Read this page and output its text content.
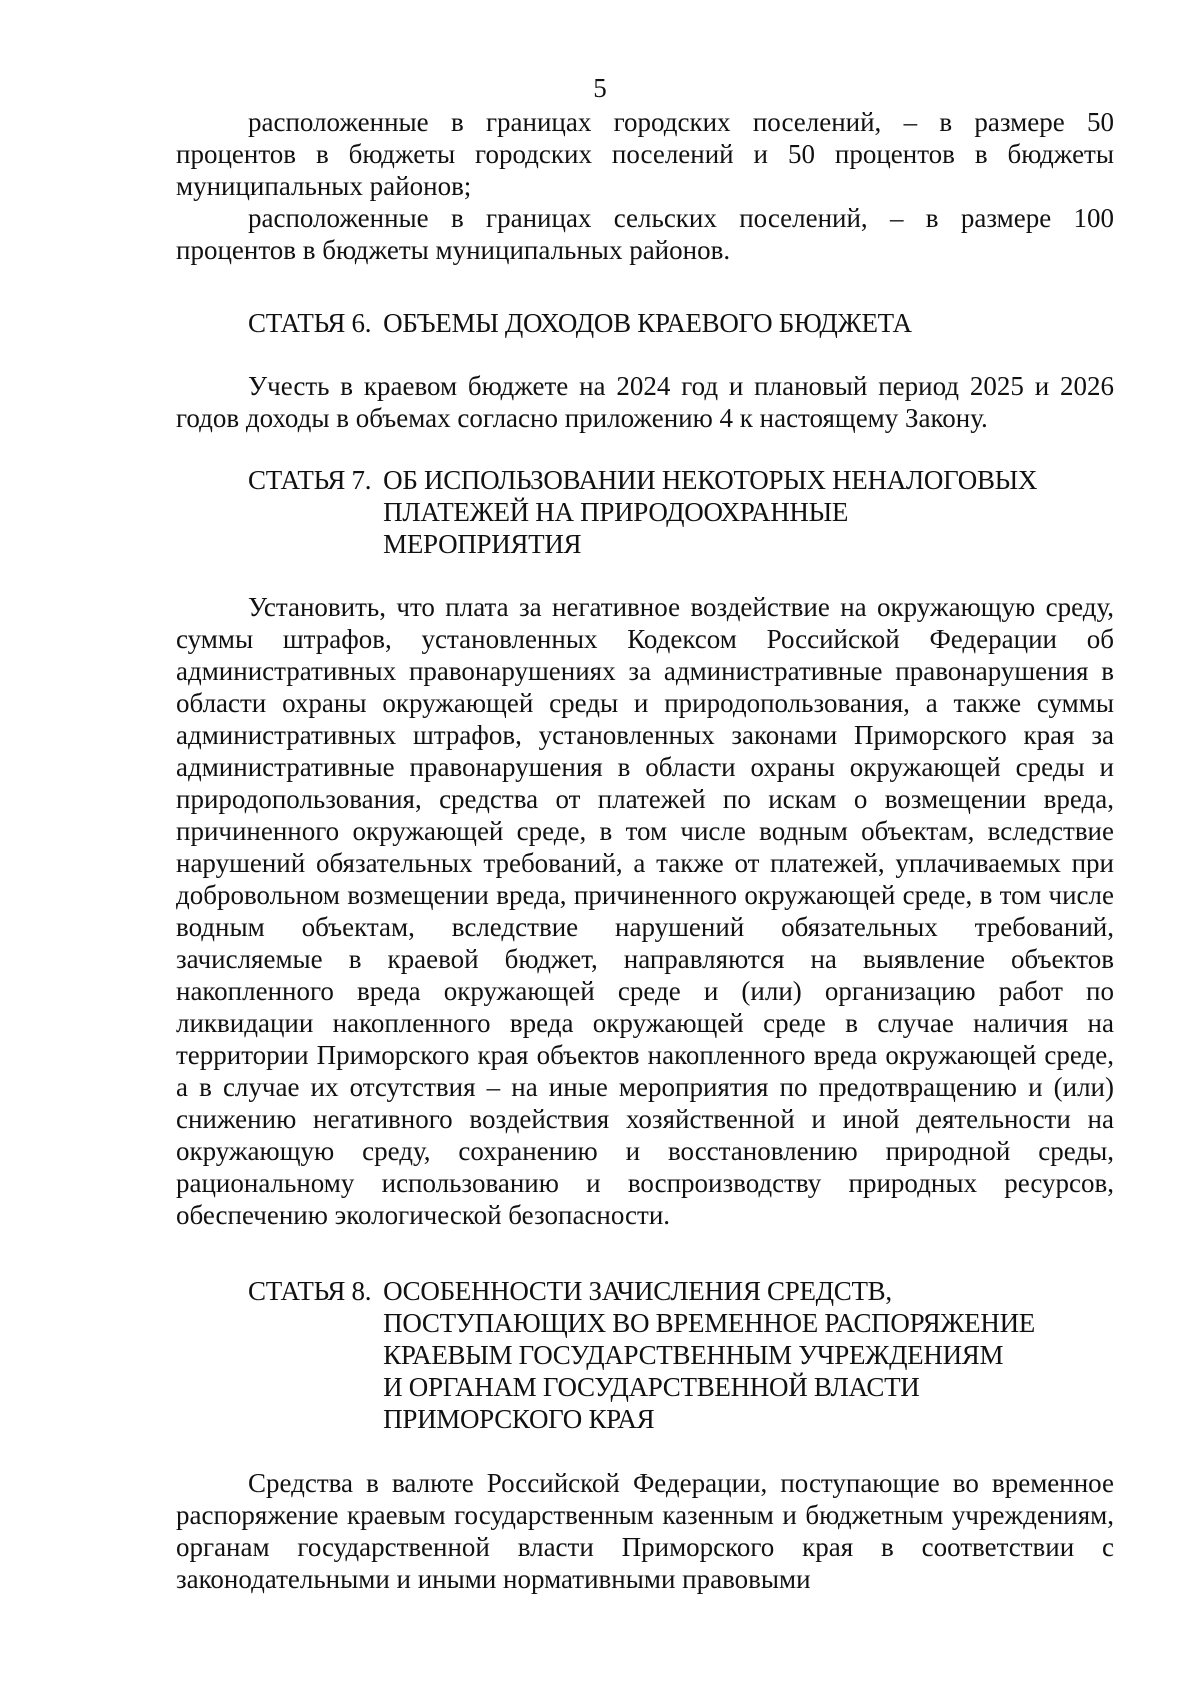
5

расположенные в границах городских поселений, – в размере 50 процентов в бюджеты городских поселений и 50 процентов в бюджеты муниципальных районов;

расположенные в границах сельских поселений, – в размере 100 процентов в бюджеты муниципальных районов.

СТАТЬЯ 6. ОБЪЕМЫ ДОХОДОВ КРАЕВОГО БЮДЖЕТА

Учесть в краевом бюджете на 2024 год и плановый период 2025 и 2026 годов доходы в объемах согласно приложению 4 к настоящему Закону.

СТАТЬЯ 7. ОБ ИСПОЛЬЗОВАНИИ НЕКОТОРЫХ НЕНАЛОГОВЫХ
ПЛАТЕЖЕЙ НА ПРИРОДООХРАННЫЕ
МЕРОПРИЯТИЯ

Установить, что плата за негативное воздействие на окружающую среду, суммы штрафов, установленных Кодексом Российской Федерации об административных правонарушениях за административные правонарушения в области охраны окружающей среды и природопользования, а также суммы административных штрафов, установленных законами Приморского края за административные правонарушения в области охраны окружающей среды и природопользования, средства от платежей по искам о возмещении вреда, причиненного окружающей среде, в том числе водным объектам, вследствие нарушений обязательных требований, а также от платежей, уплачиваемых при добровольном возмещении вреда, причиненного окружающей среде, в том числе водным объектам, вследствие нарушений обязательных требований, зачисляемые в краевой бюджет, направляются на выявление объектов накопленного вреда окружающей среде и (или) организацию работ по ликвидации накопленного вреда окружающей среде в случае наличия на территории Приморского края объектов накопленного вреда окружающей среде, а в случае их отсутствия – на иные мероприятия по предотвращению и (или) снижению негативного воздействия хозяйственной и иной деятельности на окружающую среду, сохранению и восстановлению природной среды, рациональному использованию и воспроизводству природных ресурсов, обеспечению экологической безопасности.

СТАТЬЯ 8. ОСОБЕННОСТИ ЗАЧИСЛЕНИЯ СРЕДСТВ,
ПОСТУПАЮЩИХ ВО ВРЕМЕННОЕ РАСПОРЯЖЕНИЕ
КРАЕВЫМ ГОСУДАРСТВЕННЫМ УЧРЕЖДЕНИЯМ
И ОРГАНАМ ГОСУДАРСТВЕННОЙ ВЛАСТИ
ПРИМОРСКОГО КРАЯ

Средства в валюте Российской Федерации, поступающие во временное распоряжение краевым государственным казенным и бюджетным учреждениям, органам государственной власти Приморского края в соответствии с законодательными и иными нормативными правовыми
